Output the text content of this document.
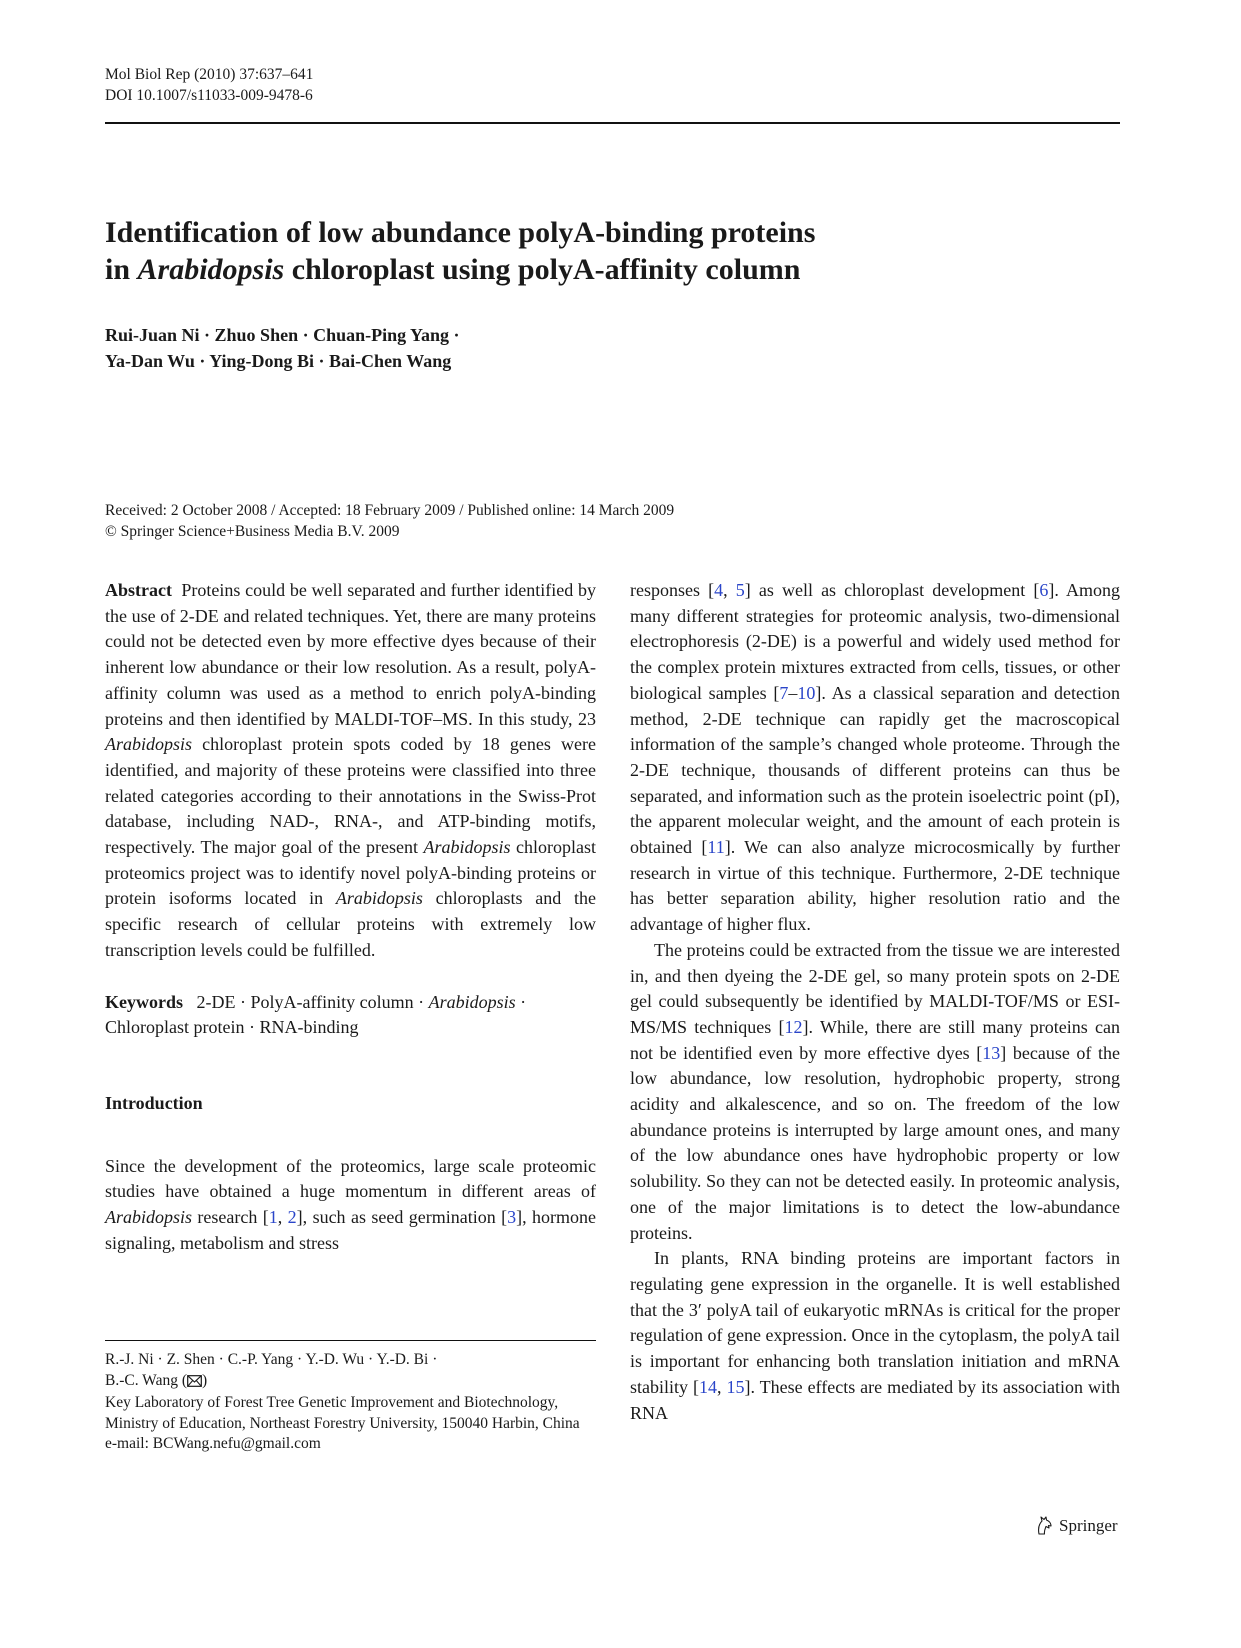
Mol Biol Rep (2010) 37:637–641
DOI 10.1007/s11033-009-9478-6
Identification of low abundance polyA-binding proteins
in Arabidopsis chloroplast using polyA-affinity column
Rui-Juan Ni · Zhuo Shen · Chuan-Ping Yang ·
Ya-Dan Wu · Ying-Dong Bi · Bai-Chen Wang
Received: 2 October 2008 / Accepted: 18 February 2009 / Published online: 14 March 2009
© Springer Science+Business Media B.V. 2009

Abstract Proteins could be well separated and further identified by the use of 2-DE and related techniques. Yet, there are many proteins could not be detected even by more effective dyes because of their inherent low abundance or their low resolution. As a result, polyA-affinity column was used as a method to enrich polyA-binding proteins and then identified by MALDI-TOF–MS. In this study, 23 Arabidopsis chloroplast protein spots coded by 18 genes were identified, and majority of these proteins were classified into three related categories according to their annotations in the Swiss-Prot database, including NAD-, RNA-, and ATP-binding motifs, respectively. The major goal of the present Arabidopsis chloroplast proteomics project was to identify novel polyA-binding proteins or protein isoforms located in Arabidopsis chloroplasts and the specific research of cellular proteins with extremely low transcription levels could be fulfilled.

Keywords 2-DE · PolyA-affinity column · Arabidopsis · Chloroplast protein · RNA-binding

Introduction

Since the development of the proteomics, large scale proteomic studies have obtained a huge momentum in different areas of Arabidopsis research [1, 2], such as seed germination [3], hormone signaling, metabolism and stress

R.-J. Ni · Z. Shen · C.-P. Yang · Y.-D. Wu · Y.-D. Bi ·
B.-C. Wang ( )
Key Laboratory of Forest Tree Genetic Improvement and Biotechnology, Ministry of Education, Northeast Forestry University, 150040 Harbin, China
e-mail: BCWang.nefu@gmail.com

responses [4, 5] as well as chloroplast development [6]. Among many different strategies for proteomic analysis, two-dimensional electrophoresis (2-DE) is a powerful and widely used method for the complex protein mixtures extracted from cells, tissues, or other biological samples [7–10]. As a classical separation and detection method, 2-DE technique can rapidly get the macroscopical information of the sample’s changed whole proteome. Through the 2-DE technique, thousands of different proteins can thus be separated, and information such as the protein isoelectric point (pI), the apparent molecular weight, and the amount of each protein is obtained [11]. We can also analyze microcosmically by further research in virtue of this technique. Furthermore, 2-DE technique has better separation ability, higher resolution ratio and the advantage of higher flux.

The proteins could be extracted from the tissue we are interested in, and then dyeing the 2-DE gel, so many protein spots on 2-DE gel could subsequently be identified by MALDI-TOF/MS or ESI-MS/MS techniques [12]. While, there are still many proteins can not be identified even by more effective dyes [13] because of the low abundance, low resolution, hydrophobic property, strong acidity and alkalescence, and so on. The freedom of the low abundance proteins is interrupted by large amount ones, and many of the low abundance ones have hydrophobic property or low solubility. So they can not be detected easily. In proteomic analysis, one of the major limitations is to detect the low-abundance proteins.

In plants, RNA binding proteins are important factors in regulating gene expression in the organelle. It is well established that the 3′ polyA tail of eukaryotic mRNAs is critical for the proper regulation of gene expression. Once in the cytoplasm, the polyA tail is important for enhancing both translation initiation and mRNA stability [14, 15]. These effects are mediated by its association with RNA

Springer
